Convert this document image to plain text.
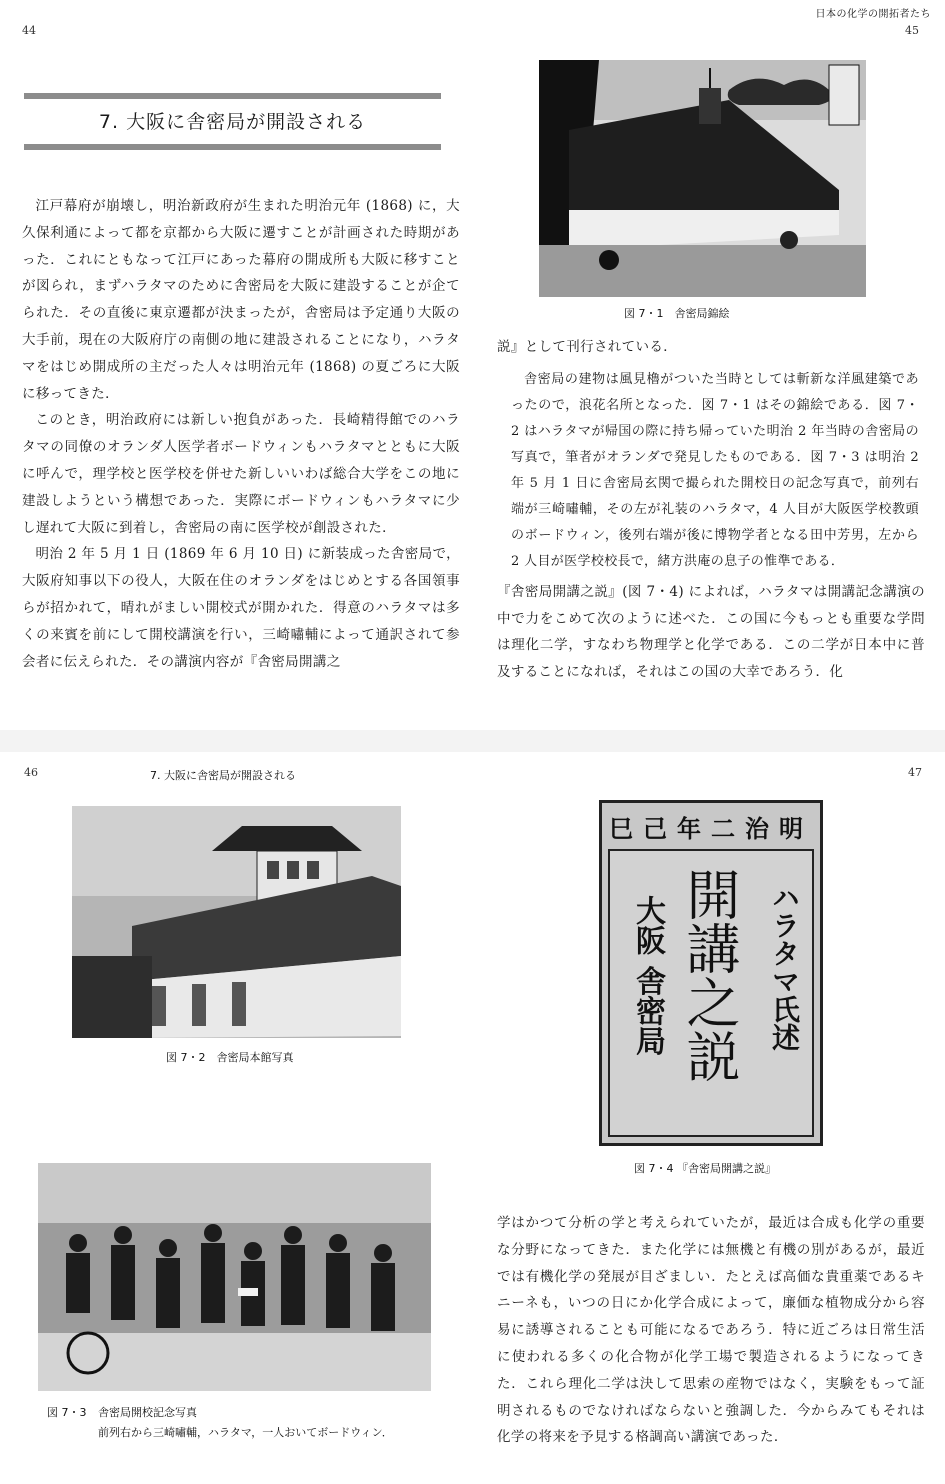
44
7. 大阪に舎密局が開設される

江戸幕府が崩壊し，明治新政府が生まれた明治元年 (1868) に，大久保利通によって都を京都から大阪に遷すことが計画された時期があった．これにともなって江戸にあった幕府の開成所も大阪に移すことが図られ，まずハラタマのために舎密局を大阪に建設することが企てられた．その直後に東京遷都が決まったが，舎密局は予定通り大阪の大手前，現在の大阪府庁の南側の地に建設されることになり，ハラタマをはじめ開成所の主だった人々は明治元年 (1868) の夏ごろに大阪に移ってきた．

このとき，明治政府には新しい抱負があった．長崎精得館でのハラタマの同僚のオランダ人医学者ボードウィンもハラタマとともに大阪に呼んで，理学校と医学校を併せた新しいいわば総合大学をこの地に建設しようという構想であった．実際にボードウィンもハラタマに少し遅れて大阪に到着し，舎密局の南に医学校が創設された．

明治 2 年 5 月 1 日 (1869 年 6 月 10 日) に新装成った舎密局で，大阪府知事以下の役人，大阪在住のオランダをはじめとする各国領事らが招かれて，晴れがましい開校式が開かれた．得意のハラタマは多くの来賓を前にして開校講演を行い，三崎嘯輔によって通訳されて参会者に伝えられた．その講演内容が『舎密局開講之

日本の化学の開拓者たち
45
図 7・1　舎密局錦絵

説』として刊行されている．

舎密局の建物は風見櫓がついた当時としては斬新な洋風建築であったので，浪花名所となった．図 7・1 はその錦絵である．図 7・2 はハラタマが帰国の際に持ち帰っていた明治 2 年当時の舎密局の写真で，筆者がオランダで発見したものである．図 7・3 は明治 2 年 5 月 1 日に舎密局玄関で撮られた開校日の記念写真で，前列右端が三崎嘯輔，その左が礼装のハラタマ，4 人目が大阪医学校教頭のボードウィン，後列右端が後に博物学者となる田中芳男，左から 2 人目が医学校校長で，緒方洪庵の息子の惟準である．

『舎密局開講之説』(図 7・4) によれば，ハラタマは開講記念講演の中で力をこめて次のように述べた．この国に今もっとも重要な学問は理化二学，すなわち物理学と化学である．この二学が日本中に普及することになれば，それはこの国の大幸であろう．化

46	7. 大阪に舎密局が開設される
図 7・2　舎密局本館写真
図 7・3 舎密局開校記念写真
前列右から三崎嘯輔，ハラタマ，一人おいてボードウィン．
47
明治二年己巳
ハラタマ氏述
開講之説
大阪 舎密局
図 7・4 『舎密局開講之説』

学はかつて分析の学と考えられていたが，最近は合成も化学の重要な分野になってきた．また化学には無機と有機の別があるが，最近では有機化学の発展が目ざましい．たとえば高価な貴重薬であるキニーネも，いつの日にか化学合成によって，廉価な植物成分から容易に誘導されることも可能になるであろう．特に近ごろは日常生活に使われる多くの化合物が化学工場で製造されるようになってきた．これら理化二学は決して思索の産物ではなく，実験をもって証明されるものでなければならないと強調した．今からみてもそれは化学の将来を予見する格調高い講演であった．
